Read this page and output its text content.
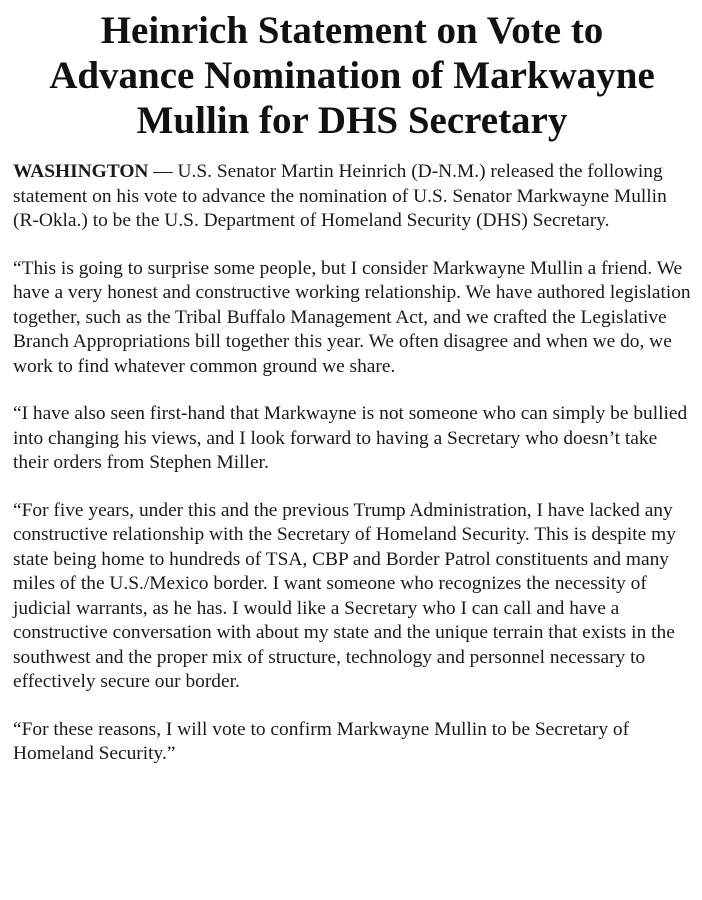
Heinrich Statement on Vote to Advance Nomination of Markwayne Mullin for DHS Secretary

WASHINGTON — U.S. Senator Martin Heinrich (D-N.M.) released the following statement on his vote to advance the nomination of U.S. Senator Markwayne Mullin (R-Okla.) to be the U.S. Department of Homeland Security (DHS) Secretary.

“This is going to surprise some people, but I consider Markwayne Mullin a friend. We have a very honest and constructive working relationship. We have authored legislation together, such as the Tribal Buffalo Management Act, and we crafted the Legislative Branch Appropriations bill together this year. We often disagree and when we do, we work to find whatever common ground we share.

“I have also seen first-hand that Markwayne is not someone who can simply be bullied into changing his views, and I look forward to having a Secretary who doesn’t take their orders from Stephen Miller.

“For five years, under this and the previous Trump Administration, I have lacked any constructive relationship with the Secretary of Homeland Security. This is despite my state being home to hundreds of TSA, CBP and Border Patrol constituents and many miles of the U.S./Mexico border. I want someone who recognizes the necessity of judicial warrants, as he has. I would like a Secretary who I can call and have a constructive conversation with about my state and the unique terrain that exists in the southwest and the proper mix of structure, technology and personnel necessary to effectively secure our border.

“For these reasons, I will vote to confirm Markwayne Mullin to be Secretary of Homeland Security.”
